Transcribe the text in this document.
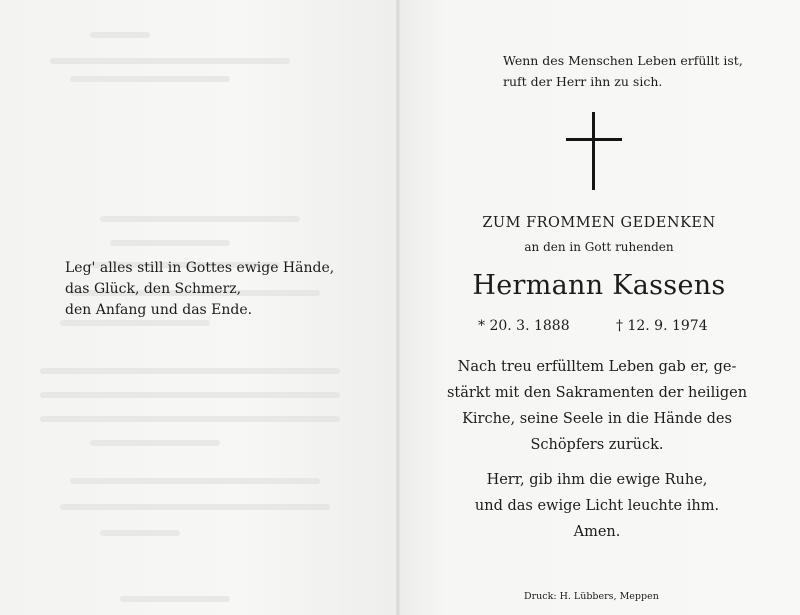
Leg' alles still in Gottes ewige Hände,
das Glück, den Schmerz,
den Anfang und das Ende.
Wenn des Menschen Leben erfüllt ist,
ruft der Herr ihn zu sich.
ZUM FROMMEN GEDENKEN
an den in Gott ruhenden
Hermann Kassens
* 20. 3. 1888	† 12. 9. 1974
Nach treu erfülltem Leben gab er, ge-
stärkt mit den Sakramenten der heiligen
Kirche, seine Seele in die Hände des
Schöpfers zurück.
Herr, gib ihm die ewige Ruhe,
und das ewige Licht leuchte ihm.
Amen.
Druck: H. Lübbers, Meppen
